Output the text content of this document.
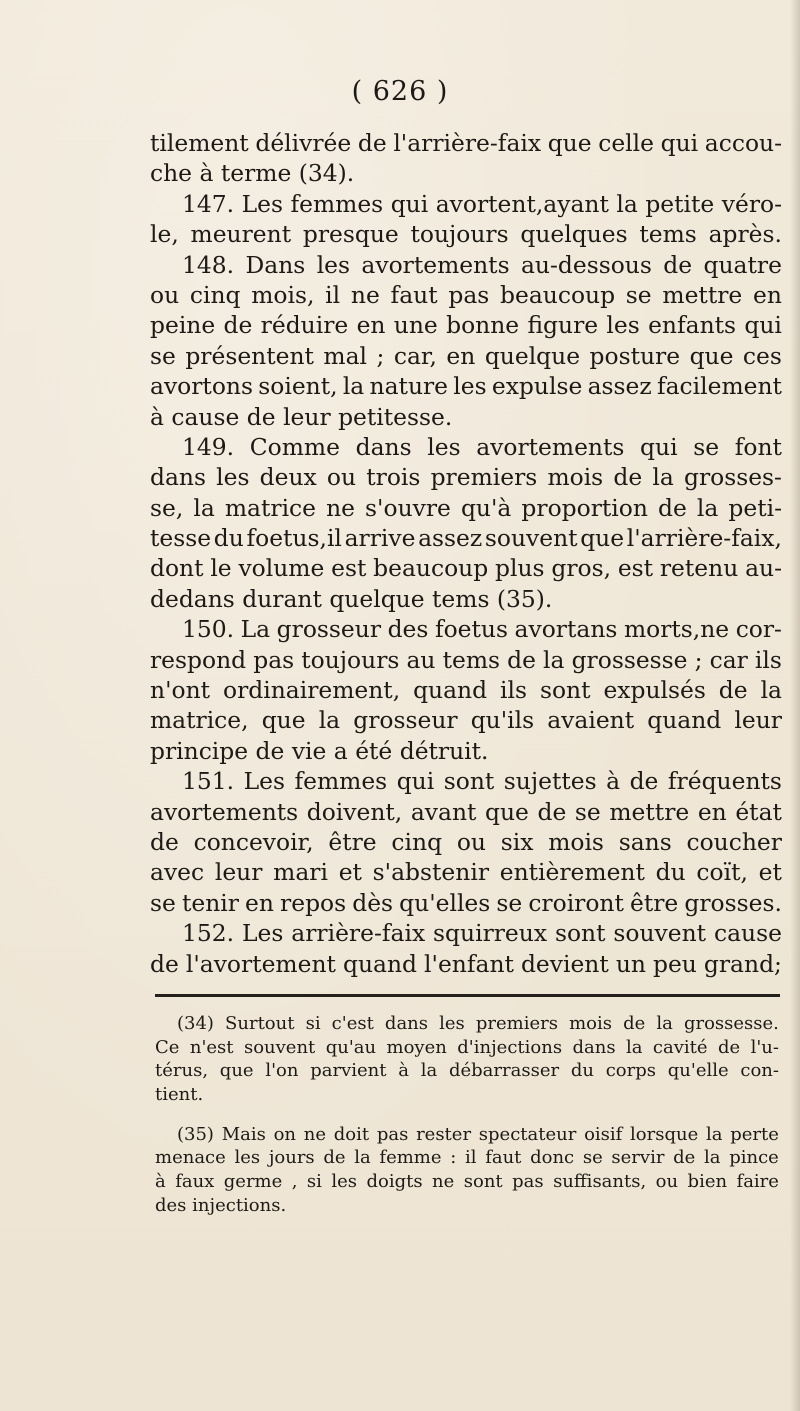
( 626 )
tilement délivrée de l'arrière-faix que celle qui accou-
che
à
terme
(34).
147. Les femmes qui avortent,ayant la petite vérо-
le, meurent presque toujours quelques tems après.
148. Dans les avortements au-dessous de quatre
ou cinq mois, il ne faut pas beaucoup se mettre en
peine de réduire en une bonne figure les enfants qui
se présentent mal ; car, en quelque posture que ces
avortons soient, la nature les expulse assez facilement
à
cause
de
leur
petitesse.
149. Comme dans les avortements qui se font
dans les deux ou trois premiers mois de la grosses-
se, la matrice ne s'ouvre qu'à proportion de la peti-
tesse du foetus,il arrive assez souvent que l'arrière-faix,
dont le volume est beaucoup plus gros, est retenu au-
dedans
durant
quelque
tems
(35).
150. La grosseur des foetus avortans morts,ne cor-
respond pas toujours au tems de la grossesse ; car ils
n'ont ordinairement, quand ils sont expulsés de la
matrice, que la grosseur qu'ils avaient quand leur
principe
de
vie
a
été
détruit.
151. Les femmes qui sont sujettes à de fréquents
avortements doivent, avant que de se mettre en état
de concevoir, être cinq ou six mois sans coucher
avec leur mari et s'abstenir entièrement du coït, et
se tenir en repos dès qu'elles se croiront être grosses.
152. Les arrière-faix squirreux sont souvent cause
de l'avortement quand l'enfant devient un peu grand;
(34) Surtout si c'est dans les premiers mois de la grossesse.
Ce n'est souvent qu'au moyen d'injections dans la cavité de l'u-
térus, que l'on parvient à la débarrasser du corps qu'elle con-
tient.
(35) Mais on ne doit pas rester spectateur oisif lorsque la perte
menace les jours de la femme : il faut donc se servir de la pince
à faux germe , si les doigts ne sont pas suffisants, ou bien faire
des
injections.
